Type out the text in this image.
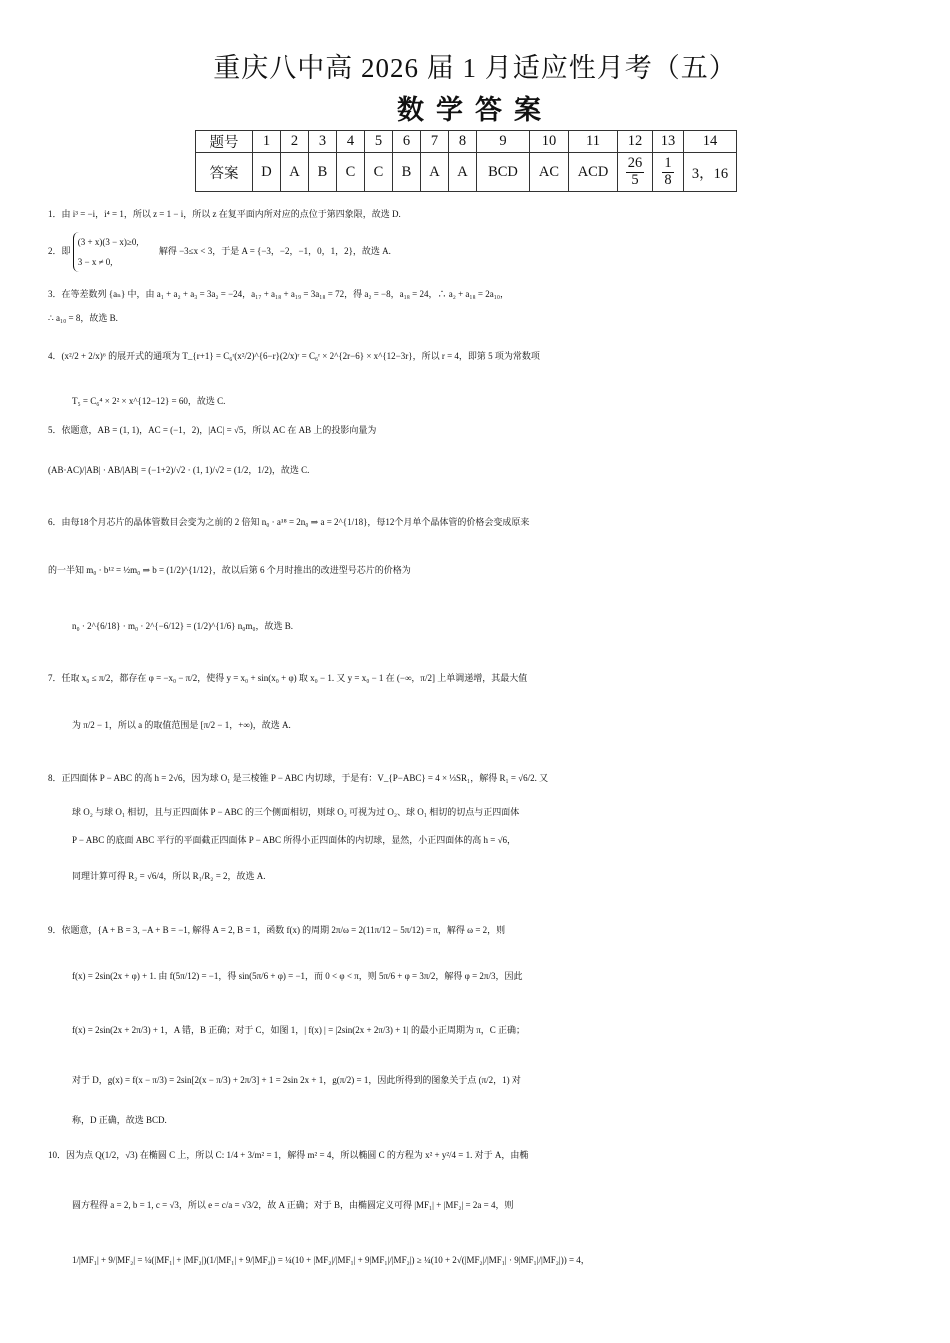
重庆八中高 2026 届 1 月适应性月考（五）
数学答案
题号	1	2	3	4	5	6	7	8	9	10	11	12	13	14
答案	D	A	B	C	C	B	A	A	BCD	AC	ACD	$\frac{26}{5}$	$\frac{1}{8}$	3，16
1．由 i³ = −i，i⁴ = 1，所以 z = 1 − i，所以 z 在复平面内所对应的点位于第四象限，故选 D.
2．即
(3 + x)(3 − x)≥0,
3 − x ≠ 0,
解得 −3≤x < 3，于是 A = {−3，−2，−1，0，1，2}，故选 A.
3．在等差数列 {aₙ} 中，由 a₁ + a₂ + a₃ = 3a₂ = −24，a₁₇ + a₁₈ + a₁₉ = 3a₁₈ = 72，得 a₂ = −8，a₁₈ = 24，∴ a₂ + a₁₈ = 2a₁₀，
∴ a₁₀ = 8，故选 B.
4．(x²/2 + 2/x)⁶ 的展开式的通项为 T_{r+1} = C₆ʳ(x²/2)^{6−r}(2/x)ʳ = C₆ʳ × 2^{2r−6} × x^{12−3r}，所以 r = 4，即第 5 项为常数项
T₅ = C₆⁴ × 2² × x^{12−12} = 60，故选 C.
5．依题意，AB = (1, 1)，AC = (−1，2)，|AC| = √5，所以 AC 在 AB 上的投影向量为
(AB·AC)/|AB| · AB/|AB| = (−1+2)/√2 · (1, 1)/√2 = (1/2，1/2)，故选 C.
6．由每18个月芯片的晶体管数目会变为之前的 2 倍知 n₀ · a¹⁸ = 2n₀ ⇒ a = 2^{1/18}，每12个月单个晶体管的价格会变成原来
的一半知 m₀ · b¹² = ½m₀ ⇒ b = (1/2)^{1/12}，故以后第 6 个月时推出的改进型号芯片的价格为
n₀ · 2^{6/18} · m₀ · 2^{−6/12} = (1/2)^{1/6} n₀m₀，故选 B.
7．任取 x₀ ≤ π/2，都存在 φ = −x₀ − π/2，使得 y = x₀ + sin(x₀ + φ) 取 x₀ − 1. 又 y = x₀ − 1 在 (−∞，π/2] 上单调递增，其最大值
为 π/2 − 1，所以 a 的取值范围是 [π/2 − 1，+∞)，故选 A.
8．正四面体 P − ABC 的高 h = 2√6，因为球 O₁ 是三棱锥 P − ABC 内切球，于是有：V_{P−ABC} = 4 × ⅓SR₁，解得 R₁ = √6/2. 又
球 O₂ 与球 O₁ 相切，且与正四面体 P − ABC 的三个侧面相切，则球 O₂ 可视为过 O₂、球 O₁ 相切的切点与正四面体
P − ABC 的底面 ABC 平行的平面截正四面体 P − ABC 所得小正四面体的内切球，显然，小正四面体的高 h = √6，
同理计算可得 R₂ = √6/4，所以 R₁/R₂ = 2，故选 A.
9．依题意，{A + B = 3, −A + B = −1, 解得 A = 2, B = 1，函数 f(x) 的周期 2π/ω = 2(11π/12 − 5π/12) = π，解得 ω = 2，则
f(x) = 2sin(2x + φ) + 1. 由 f(5π/12) = −1，得 sin(5π/6 + φ) = −1，而 0 < φ < π，则 5π/6 + φ = 3π/2，解得 φ = 2π/3，因此
f(x) = 2sin(2x + 2π/3) + 1，A 错，B 正确；对于 C，如图 1，| f(x) | = |2sin(2x + 2π/3) + 1| 的最小正周期为 π，C 正确；
对于 D，g(x) = f(x − π/3) = 2sin[2(x − π/3) + 2π/3] + 1 = 2sin 2x + 1，g(π/2) = 1，因此所得到的图象关于点 (π/2，1) 对
称，D 正确，故选 BCD.
10．因为点 Q(1/2，√3) 在椭圆 C 上，所以 C: 1/4 + 3/m² = 1，解得 m² = 4，所以椭圆 C 的方程为 x² + y²/4 = 1. 对于 A，由椭
圆方程得 a = 2, b = 1, c = √3，所以 e = c/a = √3/2，故 A 正确；对于 B，由椭圆定义可得 |MF₁| + |MF₂| = 2a = 4，则
1/|MF₁| + 9/|MF₂| = ¼(|MF₁| + |MF₂|)(1/|MF₁| + 9/|MF₂|) = ¼(10 + |MF₂|/|MF₁| + 9|MF₁|/|MF₂|) ≥ ¼(10 + 2√(|MF₂|/|MF₁| · 9|MF₁|/|MF₂|)) = 4，
